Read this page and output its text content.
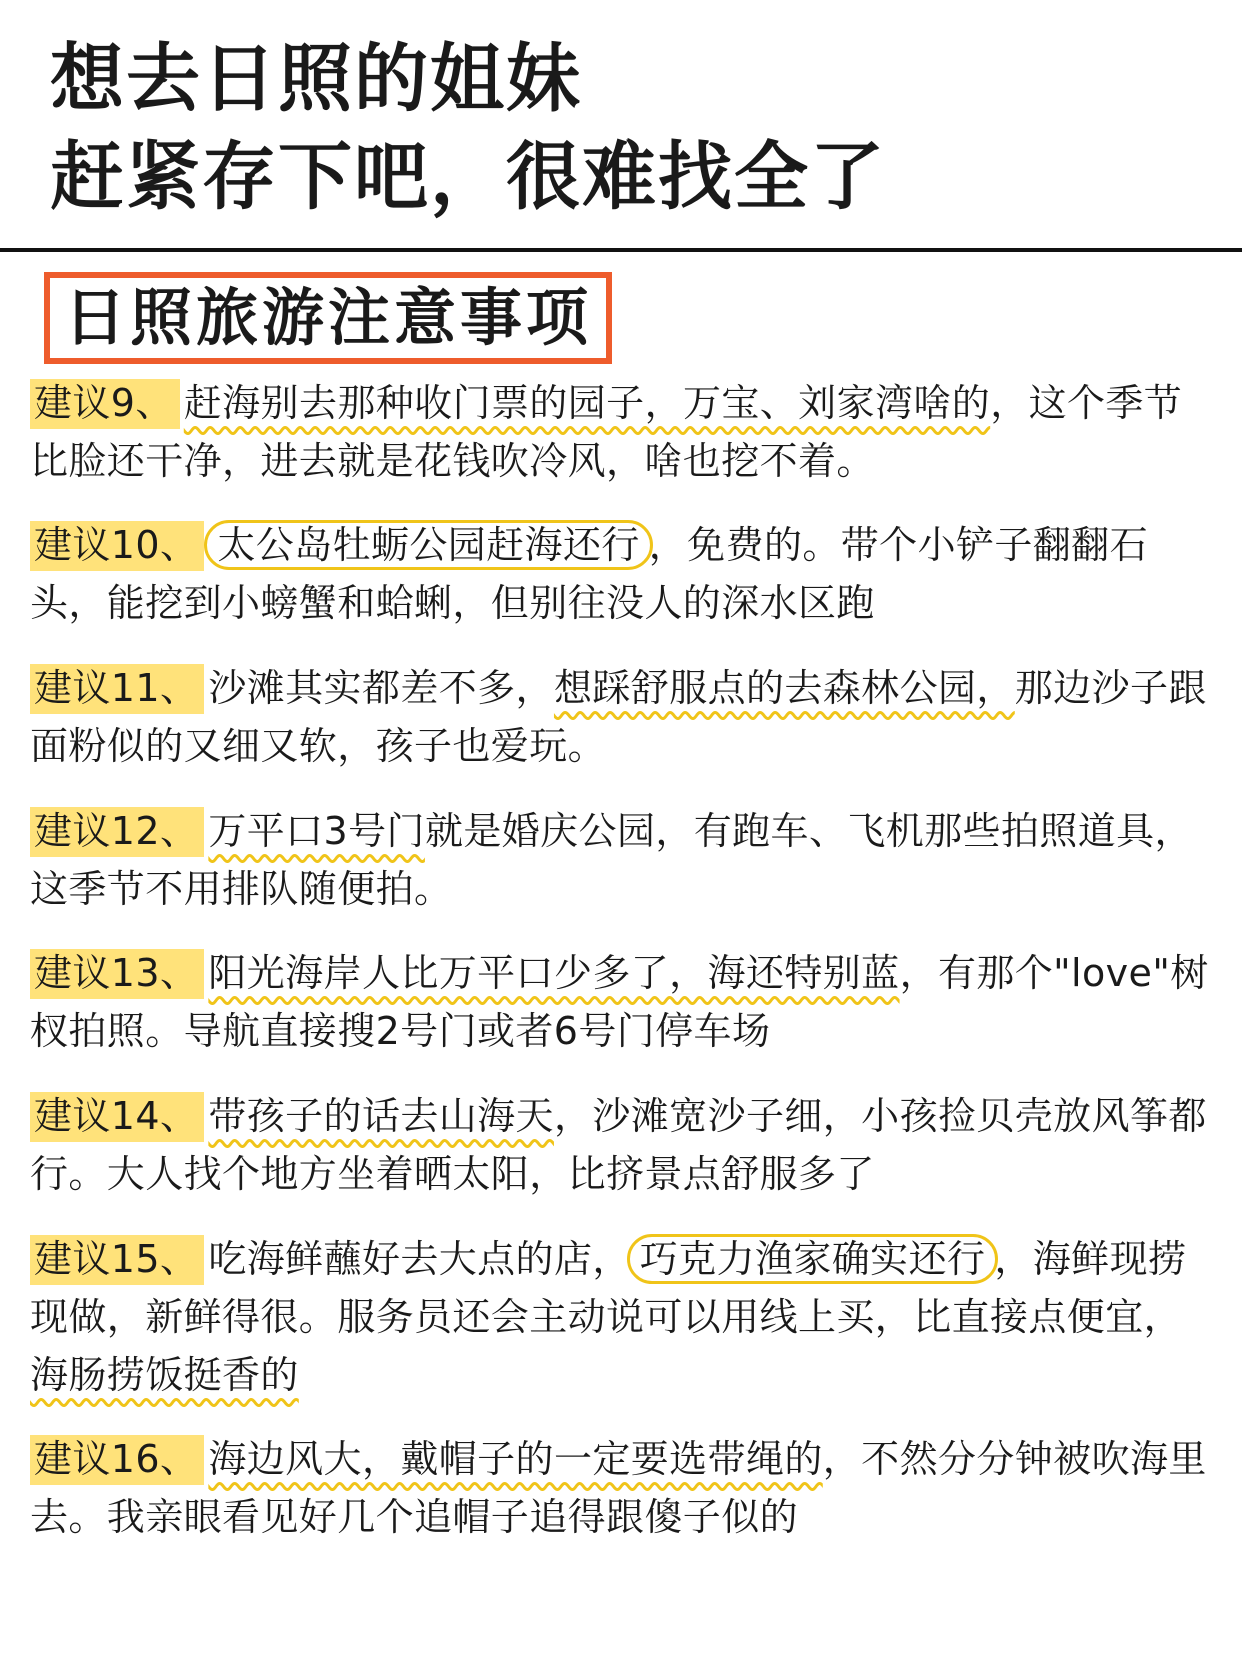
想去日照的姐妹
赶紧存下吧，很难找全了
日照旅游注意事项

建议9、 赶海别去那种收门票的园子，万宝、刘家湾啥的，这个季节比脸还干净，进去就是花钱吹冷风，啥也挖不着。

建议10、 太公岛牡蛎公园赶海还行 ，免费的。带个小铲子翻翻石头，能挖到小螃蟹和蛤蜊，但别往没人的深水区跑

建议11、 沙滩其实都差不多，想踩舒服点的去森林公园，那边沙子跟面粉似的又细又软，孩子也爱玩。

建议12、 万平口3号门就是婚庆公园，有跑车、飞机那些拍照道具，这季节不用排队随便拍。

建议13、 阳光海岸人比万平口少多了，海还特别蓝，有那个"love"树杈拍照。导航直接搜2号门或者6号门停车场

建议14、 带孩子的话去山海天，沙滩宽沙子细，小孩捡贝壳放风筝都行。大人找个地方坐着晒太阳，比挤景点舒服多了

建议15、 吃海鲜蘸好去大点的店， 巧克力渔家确实还行 ，海鲜现捞现做，新鲜得很。服务员还会主动说可以用线上买，比直接点便宜，海肠捞饭挺香的

建议16、 海边风大，戴帽子的一定要选带绳的，不然分分钟被吹海里去。我亲眼看见好几个追帽子追得跟傻子似的
